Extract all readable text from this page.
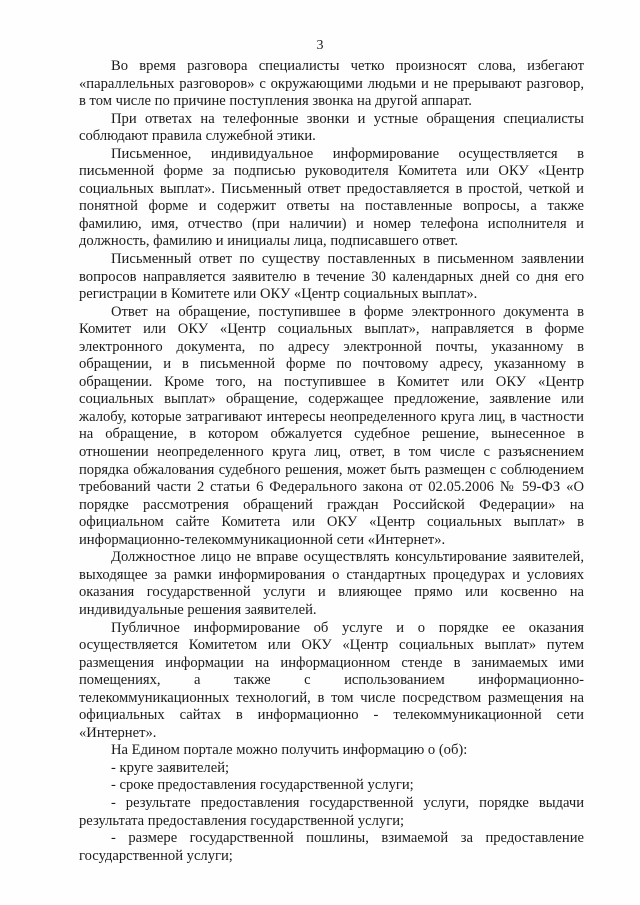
3

Во время разговора специалисты четко произносят слова, избегают «параллельных разговоров» с окружающими людьми и не прерывают разговор, в том числе по причине поступления звонка на другой аппарат.

При ответах на телефонные звонки и устные обращения специалисты соблюдают правила служебной этики.

Письменное, индивидуальное информирование осуществляется в письменной форме за подписью руководителя Комитета или ОКУ «Центр социальных выплат». Письменный ответ предоставляется в простой, четкой и понятной форме и содержит ответы на поставленные вопросы, а также фамилию, имя, отчество (при наличии) и номер телефона исполнителя и должность, фамилию и инициалы лица, подписавшего ответ.

Письменный ответ по существу поставленных в письменном заявлении вопросов направляется заявителю в течение 30 календарных дней со дня его регистрации в Комитете или ОКУ «Центр социальных выплат».

Ответ на обращение, поступившее в форме электронного документа в Комитет или ОКУ «Центр социальных выплат», направляется в форме электронного документа, по адресу электронной почты, указанному в обращении, и в письменной форме по почтовому адресу, указанному в обращении. Кроме того, на поступившее в Комитет или ОКУ «Центр социальных выплат» обращение, содержащее предложение, заявление или жалобу, которые затрагивают интересы неопределенного круга лиц, в частности на обращение, в котором обжалуется судебное решение, вынесенное в отношении неопределенного круга лиц, ответ, в том числе с разъяснением порядка обжалования судебного решения, может быть размещен с соблюдением требований части 2 статьи 6 Федерального закона от 02.05.2006 № 59-ФЗ «О порядке рассмотрения обращений граждан Российской Федерации» на официальном сайте Комитета или ОКУ «Центр социальных выплат» в информационно-телекоммуникационной сети «Интернет».

Должностное лицо не вправе осуществлять консультирование заявителей, выходящее за рамки информирования о стандартных процедурах и условиях оказания государственной услуги и влияющее прямо или косвенно на индивидуальные решения заявителей.

Публичное информирование об услуге и о порядке ее оказания осуществляется Комитетом или ОКУ «Центр социальных выплат» путем размещения информации на информационном стенде в занимаемых ими помещениях, а также с использованием информационно-телекоммуникационных технологий, в том числе посредством размещения на официальных сайтах в информационно - телекоммуникационной сети «Интернет».

На Едином портале можно получить информацию о (об):

- круге заявителей;

- сроке предоставления государственной услуги;

- результате предоставления государственной услуги, порядке выдачи результата предоставления государственной услуги;

- размере государственной пошлины, взимаемой за предоставление государственной услуги;
